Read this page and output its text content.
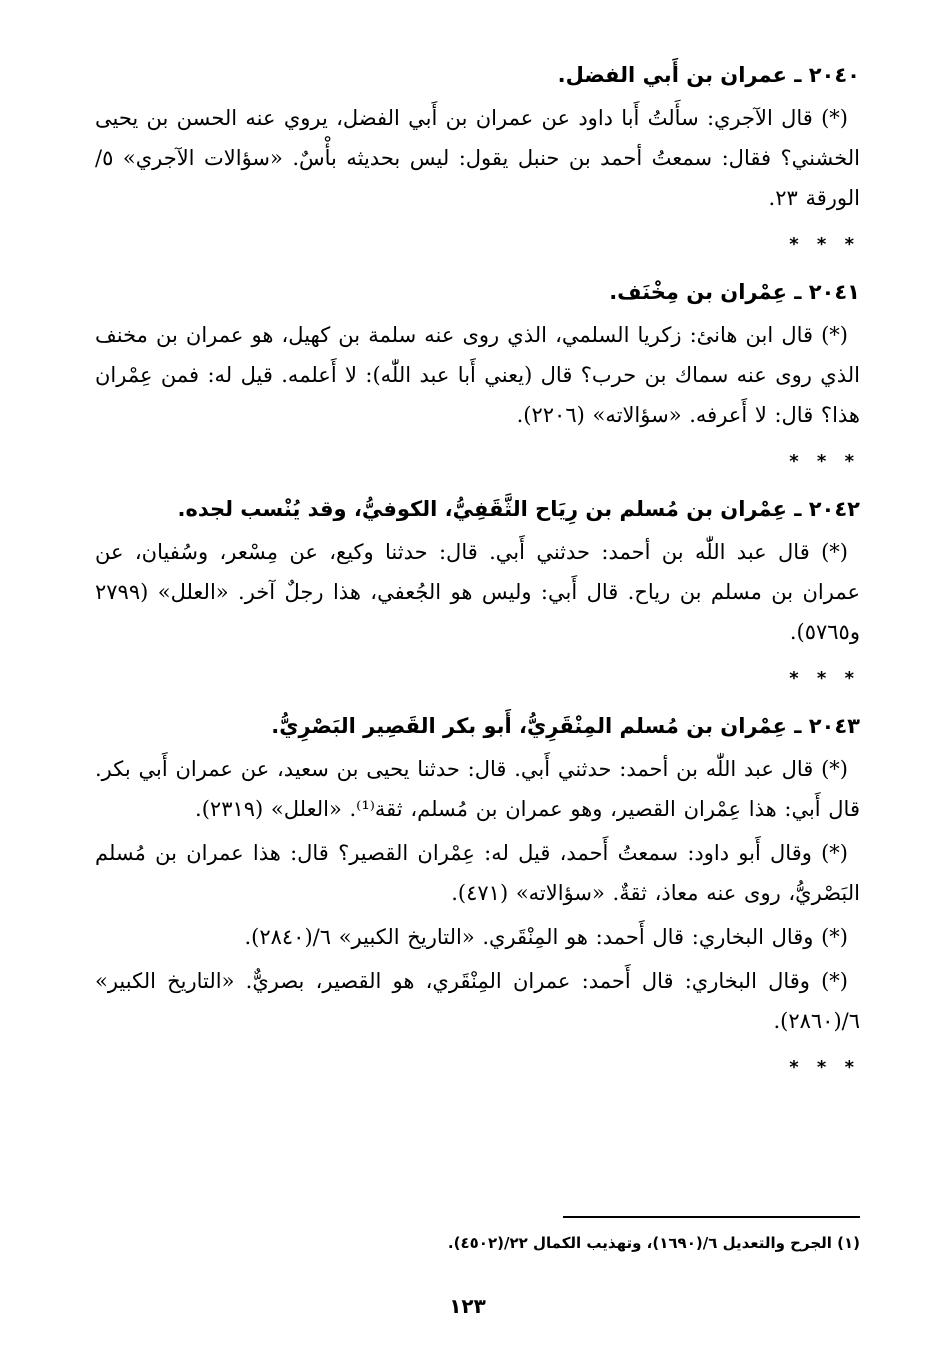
٢٠٤٠ ـ عمران بن أَبي الفضل.

(*) قال الآجري: سأَلتُ أَبا داود عن عمران بن أَبي الفضل، يروي عنه الحسن بن يحيى الخشني؟ فقال: سمعتُ أحمد بن حنبل يقول: ليس بحديثه بأْسٌ. «سؤالات الآجري» ٥/الورقة ٢٣.

* * *
٢٠٤١ ـ عِمْران بن مِخْنَف.

(*) قال ابن هانئ: زكريا السلمي، الذي روى عنه سلمة بن كهيل، هو عمران بن مخنف الذي روى عنه سماك بن حرب؟ قال (يعني أَبا عبد اللّٰه): لا أَعلمه. قيل له: فمن عِمْران هذا؟ قال: لا أَعرفه. «سؤالاته» (٢٢٠٦).

* * *
٢٠٤٢ ـ عِمْران بن مُسلم بن رِيَاح الثَّقَفِيُّ، الكوفيُّ، وقد يُنْسب لجده.

(*) قال عبد اللّٰه بن أحمد: حدثني أَبي. قال: حدثنا وكيع، عن مِسْعر، وسُفيان، عن عمران بن مسلم بن رياح. قال أَبي: وليس هو الجُعفي، هذا رجلٌ آخر. «العلل» (٢٧٩٩ و٥٧٦٥).

* * *
٢٠٤٣ ـ عِمْران بن مُسلم المِنْقَرِيُّ، أَبو بكر القَصِير البَصْرِيُّ.

(*) قال عبد اللّٰه بن أحمد: حدثني أَبي. قال: حدثنا يحيى بن سعيد، عن عمران أَبي بكر. قال أَبي: هذا عِمْران القصير، وهو عمران بن مُسلم، ثقة⁽¹⁾. «العلل» (٢٣١٩).

(*) وقال أَبو داود: سمعتُ أَحمد، قيل له: عِمْران القصير؟ قال: هذا عمران بن مُسلم البَصْريُّ، روى عنه معاذ، ثقةٌ. «سؤالاته» (٤٧١).

(*) وقال البخاري: قال أَحمد: هو المِنْقَري. «التاريخ الكبير» ٦/(٢٨٤٠).

(*) وقال البخاري: قال أَحمد: عمران المِنْقَري، هو القصير، بصريٌّ. «التاريخ الكبير» ٦/(٢٨٦٠).

* * *
(١) الجرح والتعديل ٦/(١٦٩٠)، وتهذيب الكمال ٢٢/(٤٥٠٢).
١٢٣
